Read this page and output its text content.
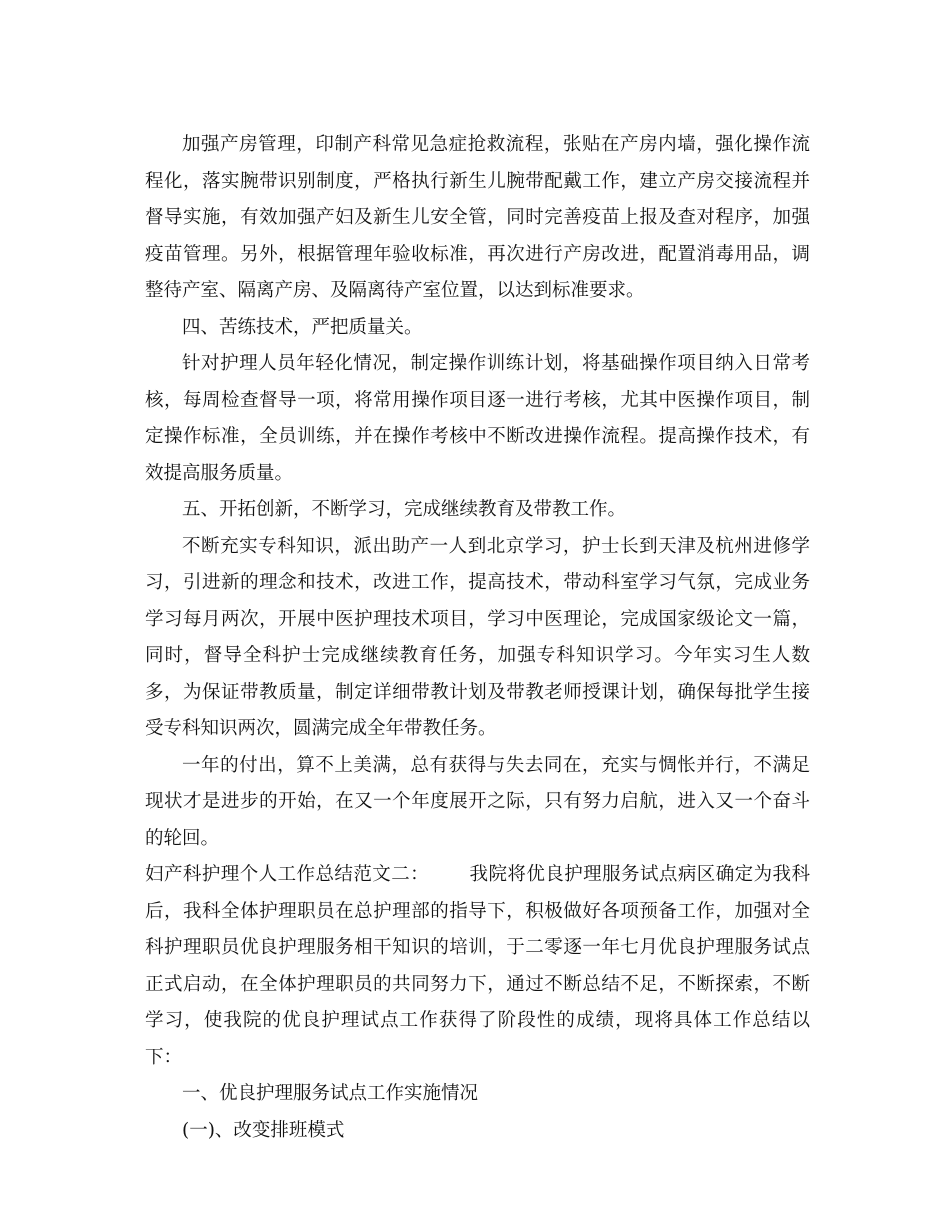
加强产房管理，印制产科常见急症抢救流程，张贴在产房内墙，强化操作流程化，落实腕带识别制度，严格执行新生儿腕带配戴工作，建立产房交接流程并督导实施，有效加强产妇及新生儿安全管，同时完善疫苗上报及查对程序，加强疫苗管理。另外，根据管理年验收标准，再次进行产房改进，配置消毒用品，调整待产室、隔离产房、及隔离待产室位置，以达到标准要求。

四、苦练技术，严把质量关。

针对护理人员年轻化情况，制定操作训练计划，将基础操作项目纳入日常考核，每周检查督导一项，将常用操作项目逐一进行考核，尤其中医操作项目，制定操作标准，全员训练，并在操作考核中不断改进操作流程。提高操作技术，有效提高服务质量。

五、开拓创新，不断学习，完成继续教育及带教工作。

不断充实专科知识，派出助产一人到北京学习，护士长到天津及杭州进修学习，引进新的理念和技术，改进工作，提高技术，带动科室学习气氛，完成业务学习每月两次，开展中医护理技术项目，学习中医理论，完成国家级论文一篇，同时，督导全科护士完成继续教育任务，加强专科知识学习。今年实习生人数多，为保证带教质量，制定详细带教计划及带教老师授课计划，确保每批学生接受专科知识两次，圆满完成全年带教任务。

一年的付出，算不上美满，总有获得与失去同在，充实与惆怅并行，不满足现状才是进步的开始，在又一个年度展开之际，只有努力启航，进入又一个奋斗的轮回。

妇产科护理个人工作总结范文二： 我院将优良护理服务试点病区确定为我科后，我科全体护理职员在总护理部的指导下，积极做好各项预备工作，加强对全科护理职员优良护理服务相干知识的培训，于二零逐一年七月优良护理服务试点正式启动，在全体护理职员的共同努力下，通过不断总结不足，不断探索，不断学习，使我院的优良护理试点工作获得了阶段性的成绩，现将具体工作总结以下：

一、优良护理服务试点工作实施情况

(一)、改变排班模式
